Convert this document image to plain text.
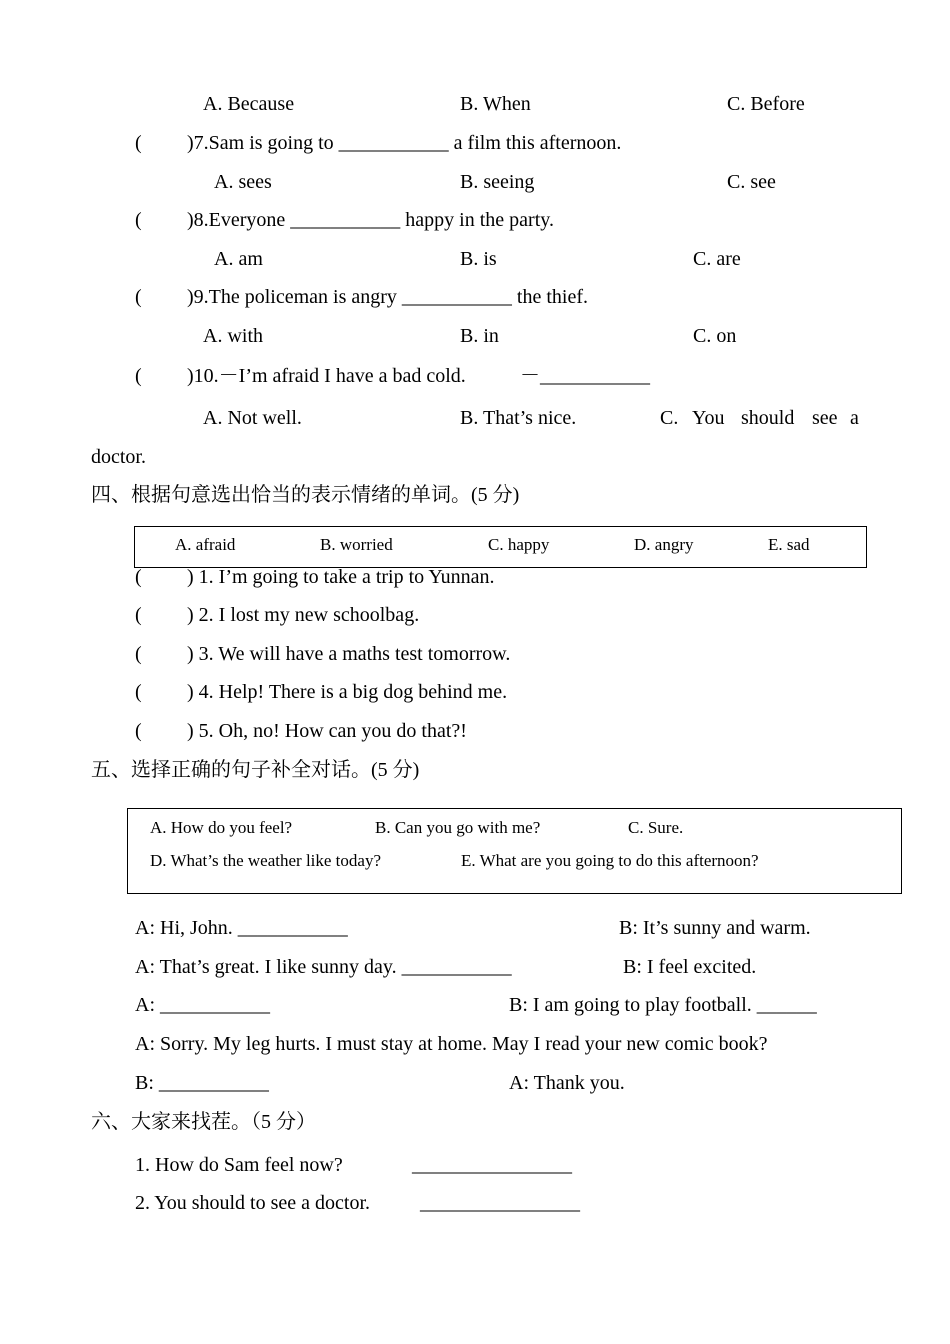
A. Because	B. When	C. Before
( )7.Sam is going to ___________ a film this afternoon.
A. sees	B. seeing	C. see
( )8.Everyone ___________ happy in the party.
A. am	B. is	C. are
( )9.The policeman is angry ___________ the thief.
A. with	B. in	C. on
( )10.－I’m afraid I have a bad cold.	－___________
A. Not well.	B. That’s nice.	C. You should see a
doctor.
四、根据句意选出恰当的表示情绪的单词。(5 分)
A. afraid	B. worried	C. happy	D. angry	E. sad
( ) 1. I’m going to take a trip to Yunnan.
( ) 2. I lost my new schoolbag.
( ) 3. We will have a maths test tomorrow.
( ) 4. Help! There is a big dog behind me.
( ) 5. Oh, no! How can you do that?!
五、选择正确的句子补全对话。(5 分)
A. How do you feel?	B. Can you go with me?	C. Sure.
D. What’s the weather like today?	E. What are you going to do this afternoon?
A: Hi, John. ___________	B: It’s sunny and warm.
A: That’s great. I like sunny day. ___________	B: I feel excited.
A: ___________	B: I am going to play football. ______
A: Sorry. My leg hurts. I must stay at home. May I read your new comic book?
B: ___________	A: Thank you.
六、大家来找茬。（5 分）
1. How do Sam feel now?	________________
2. You should to see a doctor.	________________
